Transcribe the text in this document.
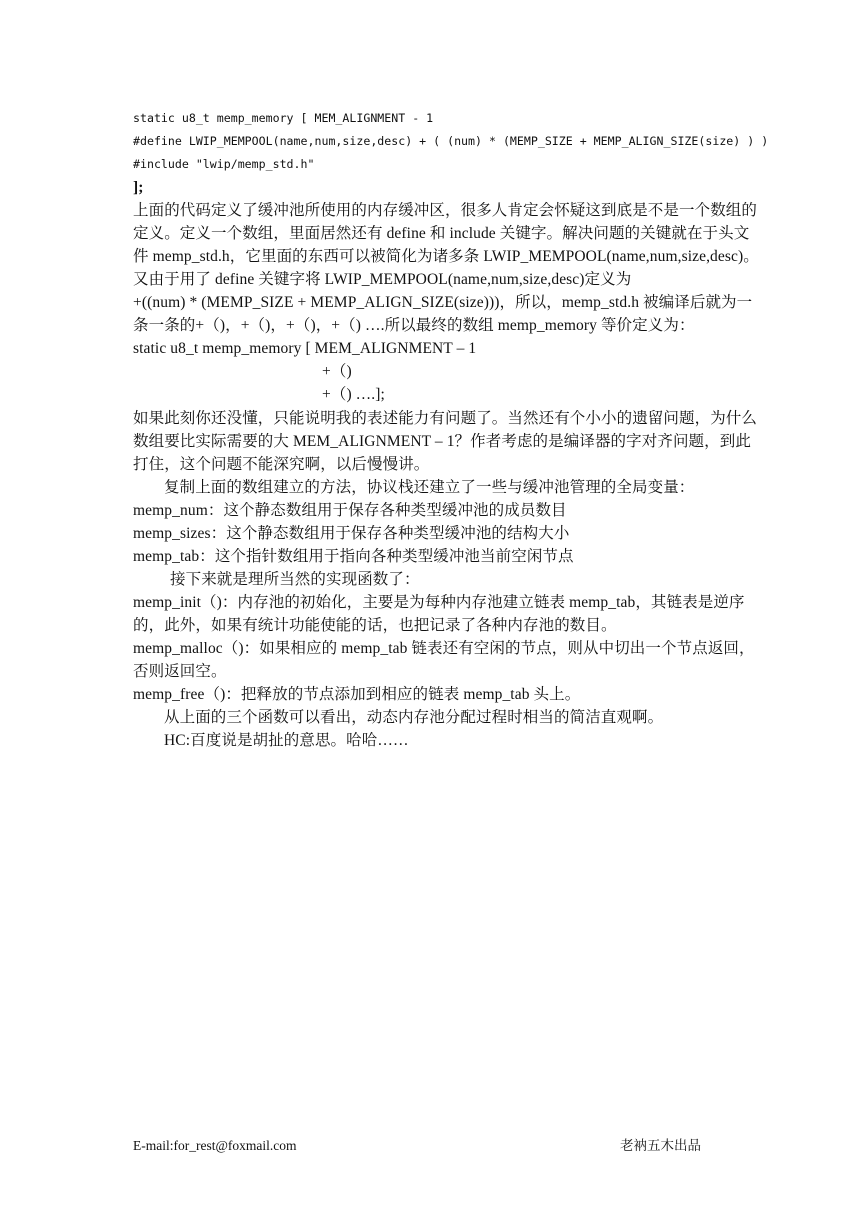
static u8_t memp_memory [ MEM_ALIGNMENT - 1
#define LWIP_MEMPOOL(name,num,size,desc) + ( (num) * (MEMP_SIZE + MEMP_ALIGN_SIZE(size) ) )
#include "lwip/memp_std.h"
];
上面的代码定义了缓冲池所使用的内存缓冲区，很多人肯定会怀疑这到底是不是一个数组的
定义。定义一个数组，里面居然还有 define 和 include 关键字。解决问题的关键就在于头文
件 memp_std.h，它里面的东西可以被简化为诸多条 LWIP_MEMPOOL(name,num,size,desc)。
又由于用了 define 关键字将 LWIP_MEMPOOL(name,num,size,desc)定义为
+((num) * (MEMP_SIZE + MEMP_ALIGN_SIZE(size)))，所以，memp_std.h 被编译后就为一
条一条的+（)，+（)，+（)，+（) ….所以最终的数组 memp_memory 等价定义为：
static u8_t memp_memory [ MEM_ALIGNMENT – 1
+（)
+（) ….];
如果此刻你还没懂，只能说明我的表述能力有问题了。当然还有个小小的遗留问题，为什么
数组要比实际需要的大 MEM_ALIGNMENT – 1？作者考虑的是编译器的字对齐问题，到此
打住，这个问题不能深究啊，以后慢慢讲。
复制上面的数组建立的方法，协议栈还建立了一些与缓冲池管理的全局变量：
memp_num：这个静态数组用于保存各种类型缓冲池的成员数目
memp_sizes：这个静态数组用于保存各种类型缓冲池的结构大小
memp_tab：这个指针数组用于指向各种类型缓冲池当前空闲节点
接下来就是理所当然的实现函数了：
memp_init（)：内存池的初始化，主要是为每种内存池建立链表 memp_tab，其链表是逆序
的，此外，如果有统计功能使能的话，也把记录了各种内存池的数目。
memp_malloc（)：如果相应的 memp_tab 链表还有空闲的节点，则从中切出一个节点返回，
否则返回空。
memp_free（)：把释放的节点添加到相应的链表 memp_tab 头上。
从上面的三个函数可以看出，动态内存池分配过程时相当的简洁直观啊。
HC:百度说是胡扯的意思。哈哈……
E-mail:for_rest@foxmail.com	老衲五木出品
